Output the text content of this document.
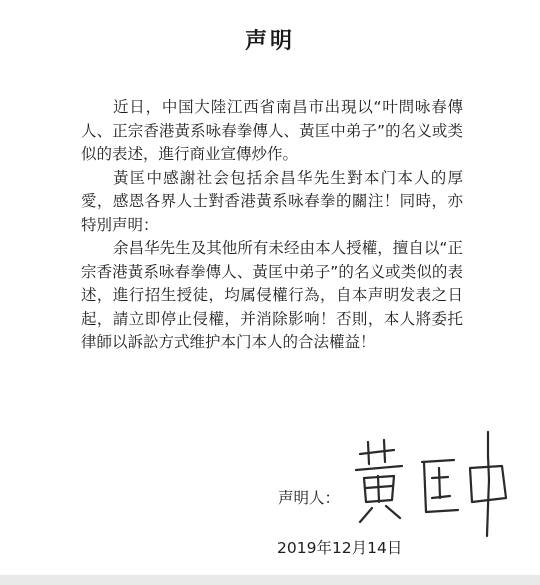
声明

近日，中国大陸江西省南昌市出現以“叶問咏春傳人、正宗香港黃系咏春拳傳人、黃匡中弟子”的名义或类似的表述，進行商业宣傳炒作。

黃匡中感謝社会包括余昌华先生對本门本人的厚愛，感恩各界人士對香港黃系咏春拳的關注！同時，亦特別声明：

余昌华先生及其他所有未经由本人授權，擅自以“正宗香港黃系咏春拳傳人、黃匡中弟子”的名义或类似的表述，進行招生授徒，均属侵權行為，自本声明发表之日起，請立即停止侵權，并消除影响！否則，本人將委托律師以訴訟方式维护本门本人的合法權益！

声明人：
2019年12月14日
